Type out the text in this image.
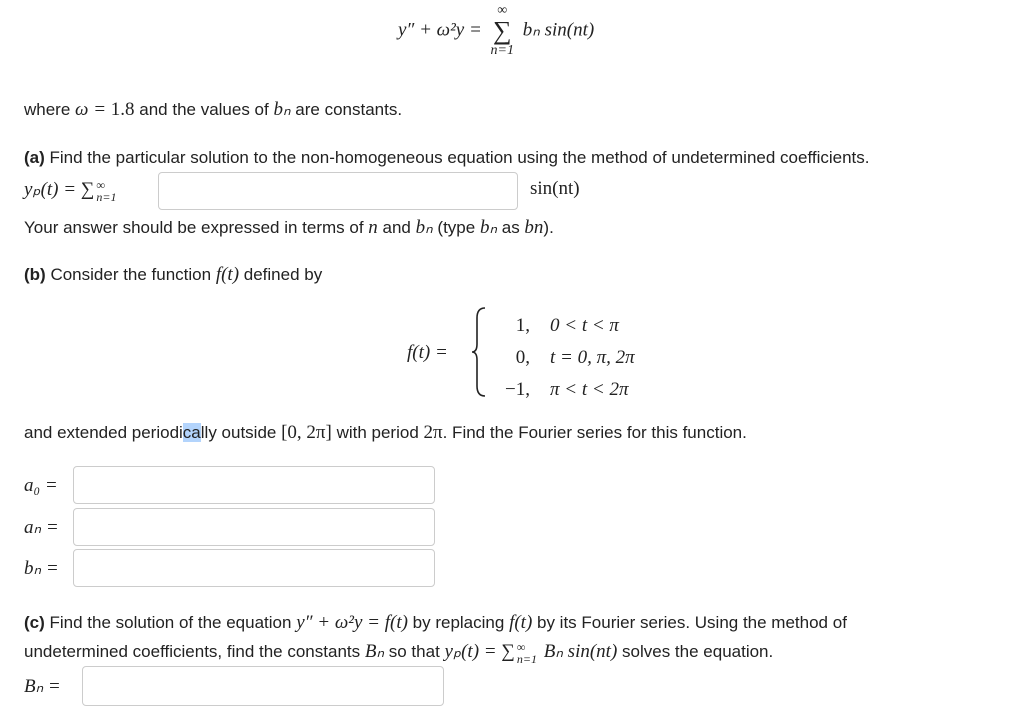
y″ + ω²y =
∞
∑
n=1
bₙ sin(nt)
where ω = 1.8 and the values of bₙ are constants.
(a) Find the particular solution to the non-homogeneous equation using the method of undetermined coefficients.
yₚ(t) = ∑ ∞
n=1	sin(nt)
Your answer should be expressed in terms of n and bₙ (type bₙ as bn).
(b) Consider the function f(t) defined by
f(t) =
1, 0 < t < π
0, t = 0, π, 2π
−1, π < t < 2π
and extended periodically outside [0, 2π] with period 2π. Find the Fourier series for this function.
a₀ =
aₙ =
bₙ =
(c) Find the solution of the equation y″ + ω²y = f(t) by replacing f(t) by its Fourier series. Using the method of
undetermined coefficients, find the constants Bₙ so that yₚ(t) = ∑ ∞
n=1 Bₙ sin(nt) solves the equation.
Bₙ =
